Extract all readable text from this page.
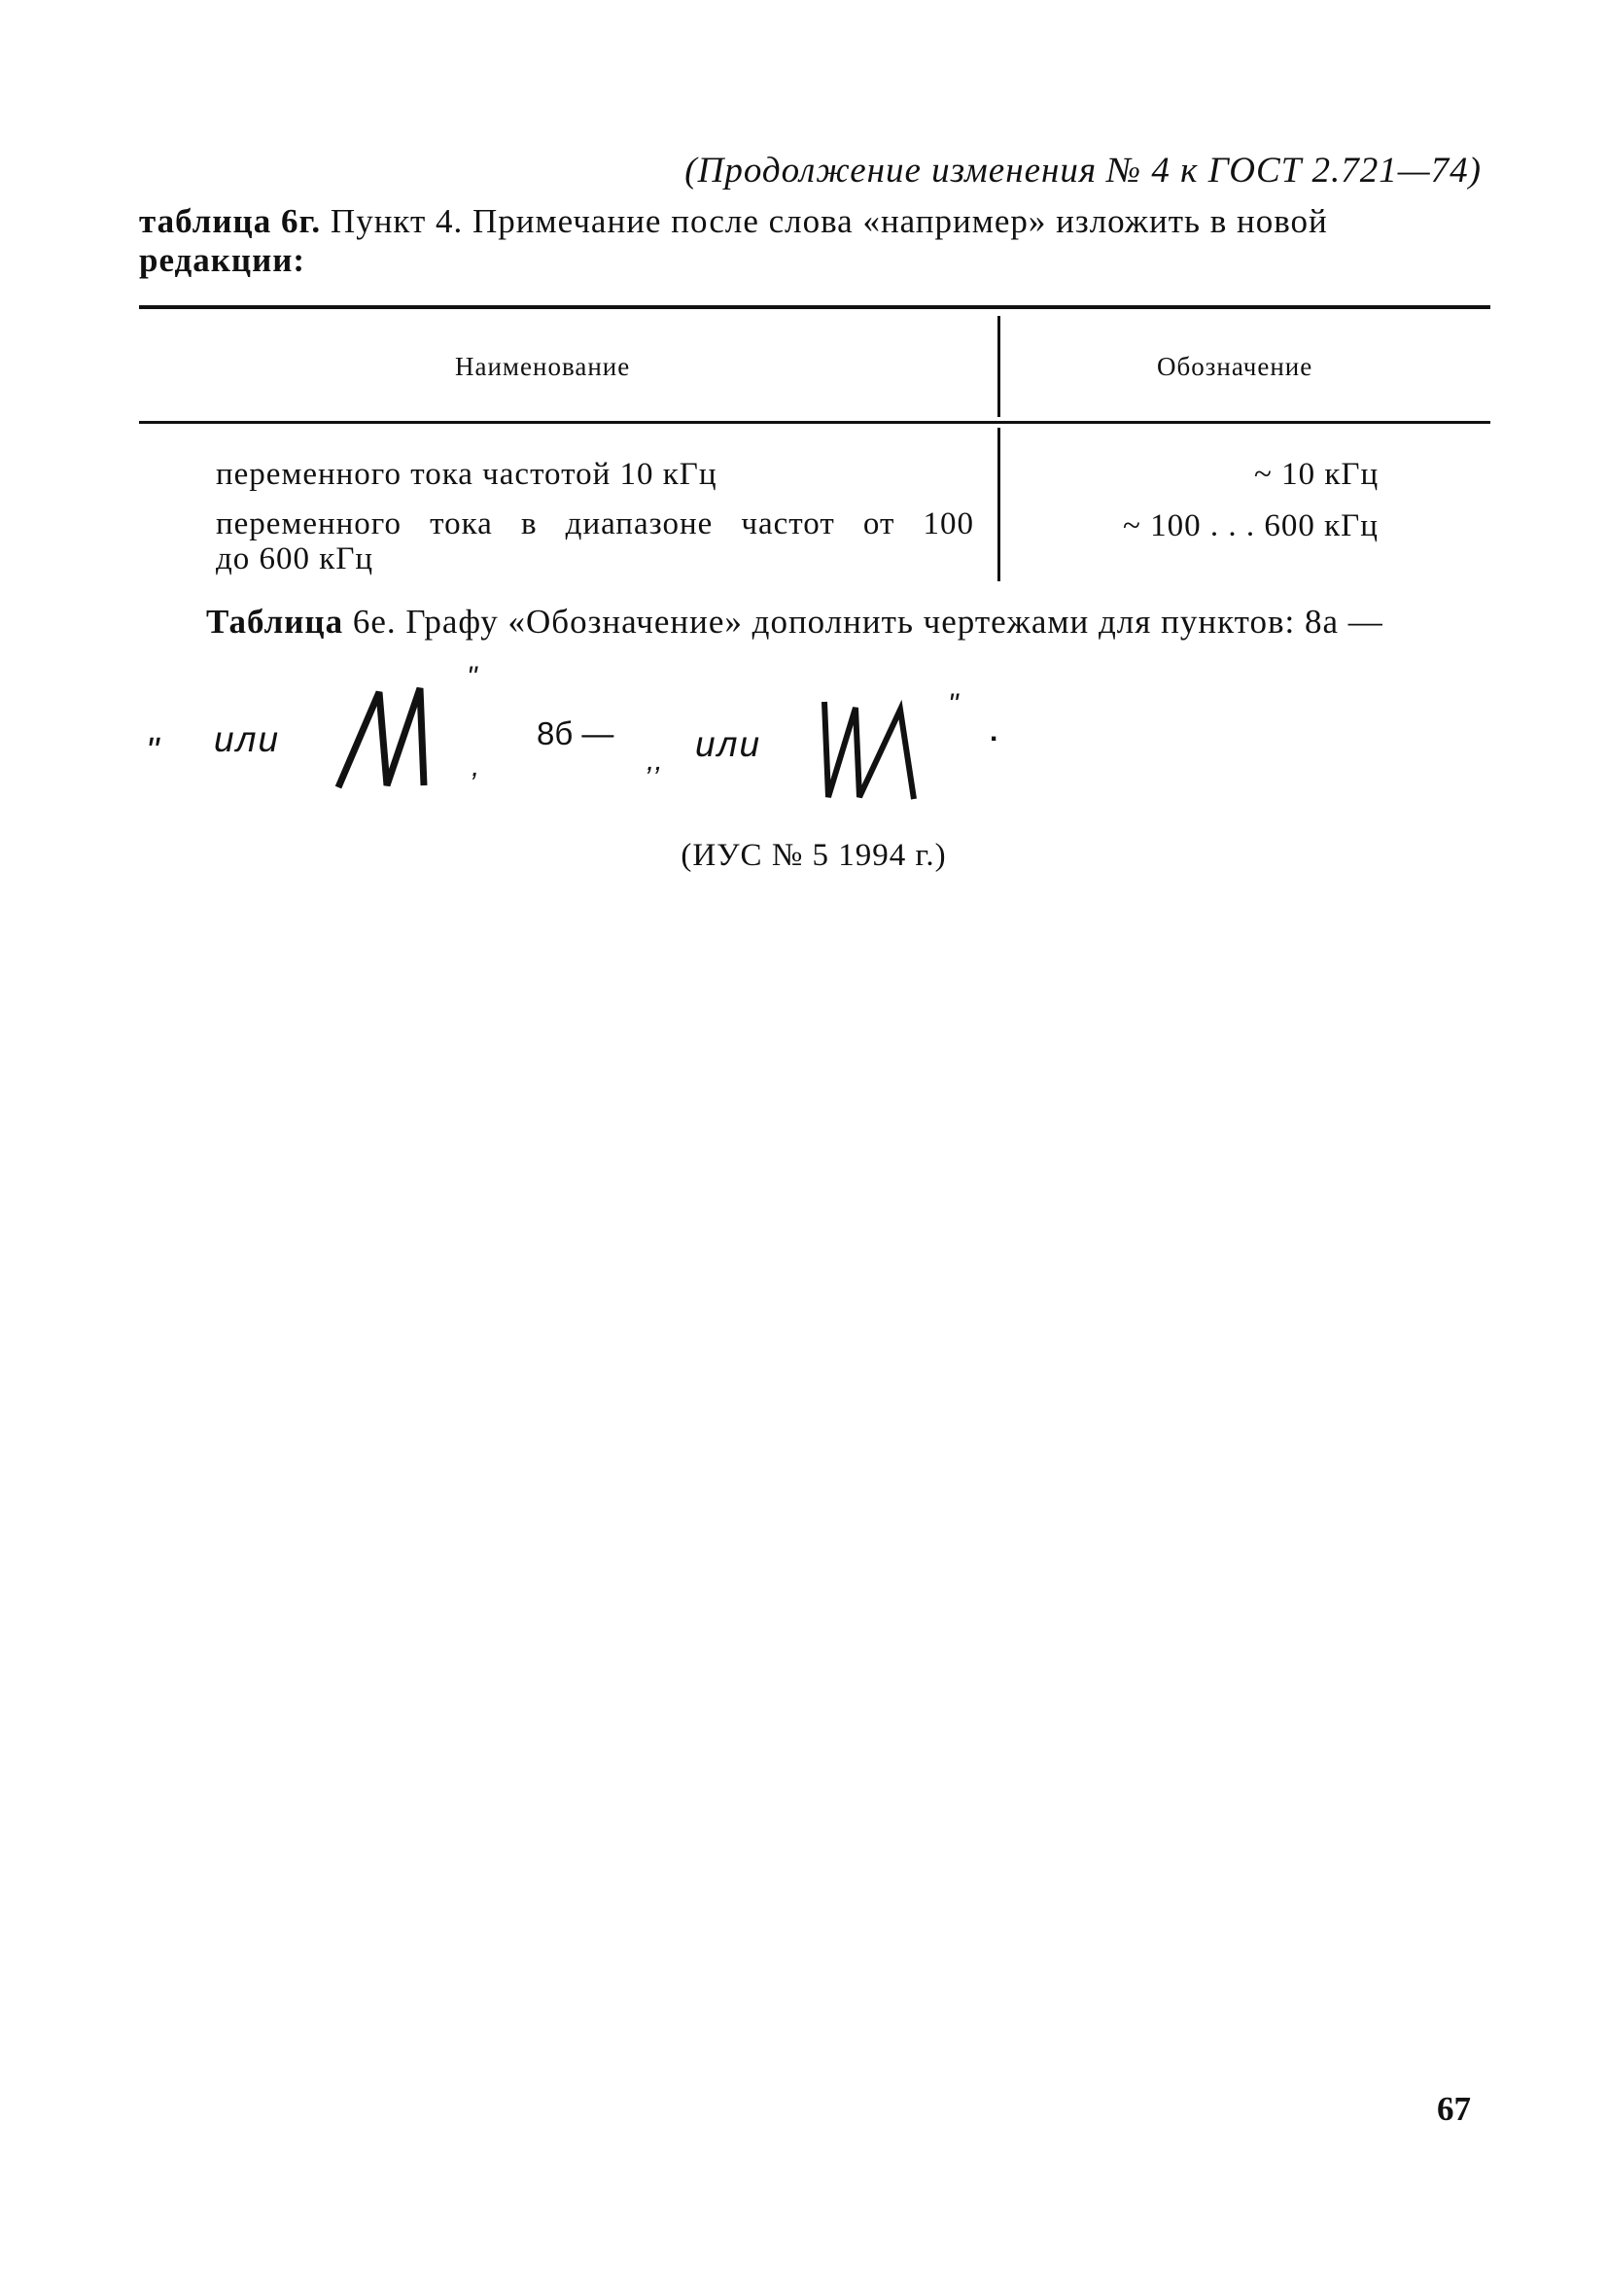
(Продолжение изменения № 4 к ГОСТ 2.721—74)
таблица 6г. Пункт 4. Примечание после слова «например» изложить в новой
редакции:
Наименование	Обозначение
переменного тока частотой 10 кГц	~ 10 кГц
переменного тока в диапазоне частот от 100
до 600 кГц
~ 100 . . . 600 кГц
Таблица 6е. Графу «Обозначение» дополнить чертежами для пунктов: 8а —
" или
"
,
8б —
,, или
"
.
(ИУС № 5 1994 г.)
67
